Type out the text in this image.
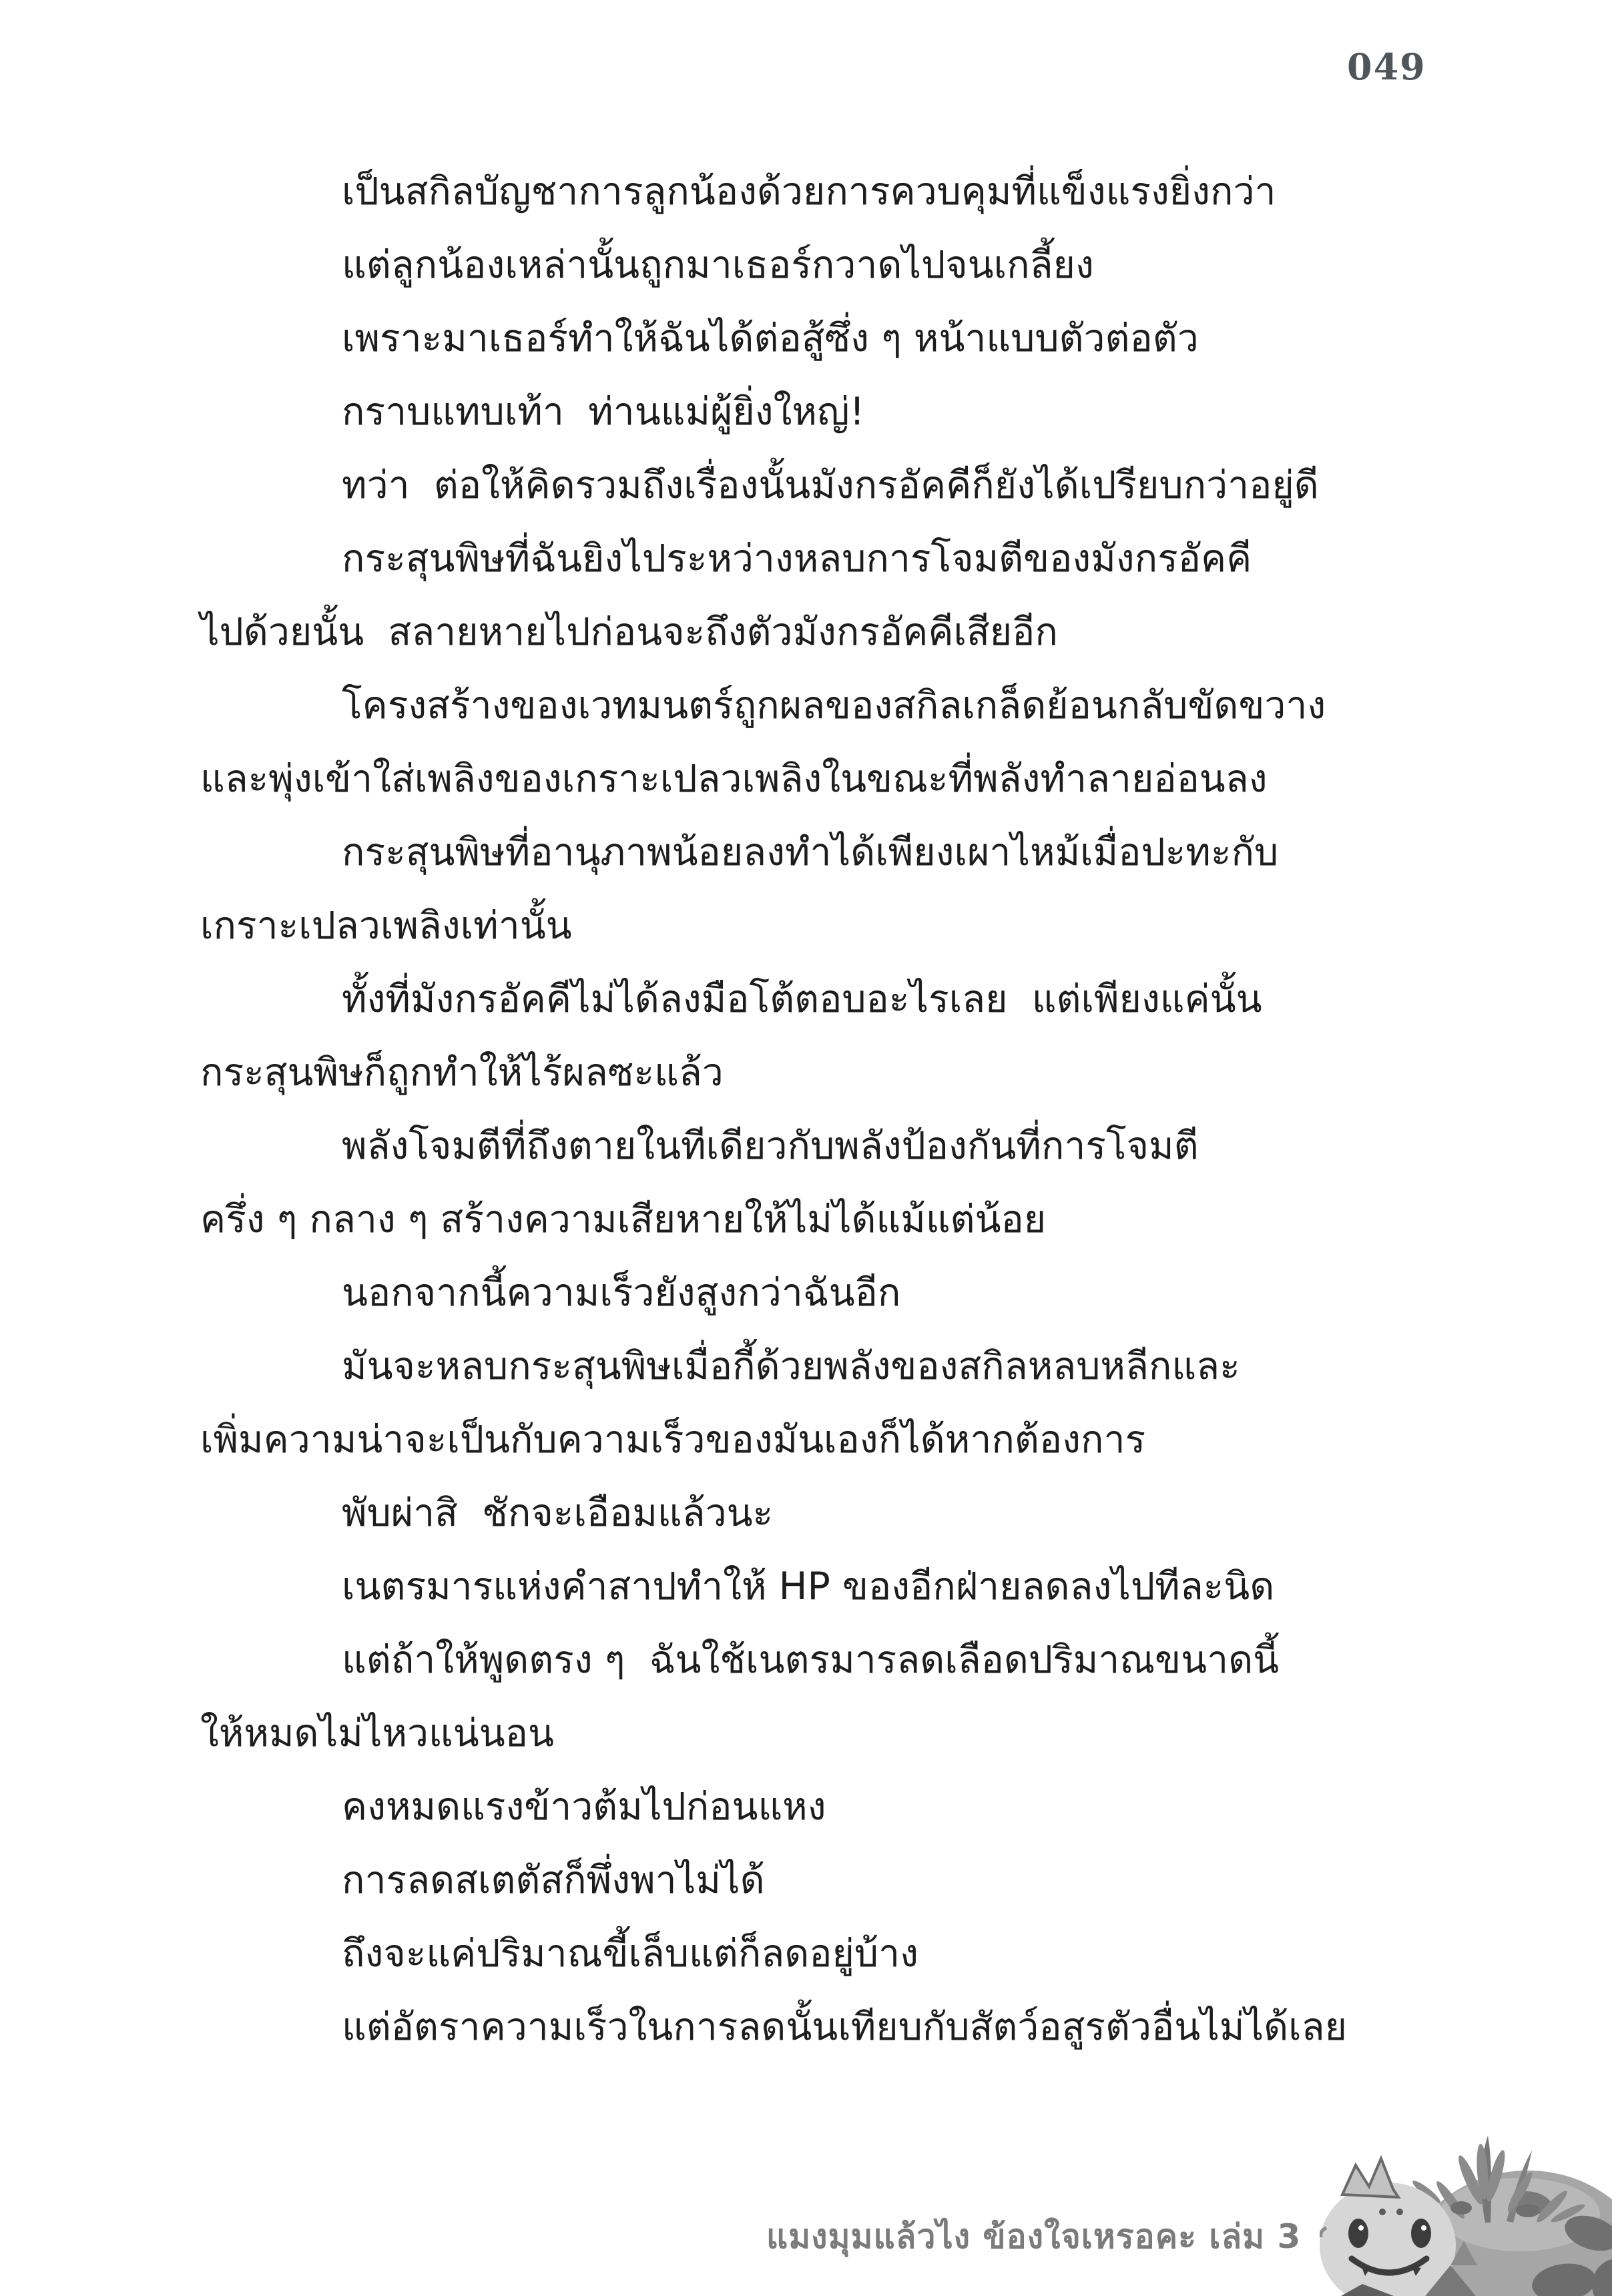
049
เป็นสกิลบัญชาการลูกน้องด้วยการควบคุมที่แข็งแรงยิ่งกว่า
แต่ลูกน้องเหล่านั้นถูกมาเธอร์กวาดไปจนเกลี้ยง
เพราะมาเธอร์ทำให้ฉันได้ต่อสู้ซึ่ง ๆ หน้าแบบตัวต่อตัว
กราบแทบเท้า  ท่านแม่ผู้ยิ่งใหญ่!
ทว่า  ต่อให้คิดรวมถึงเรื่องนั้นมังกรอัคคีก็ยังได้เปรียบกว่าอยู่ดี
กระสุนพิษที่ฉันยิงไประหว่างหลบการโจมตีของมังกรอัคคี
ไปด้วยนั้น  สลายหายไปก่อนจะถึงตัวมังกรอัคคีเสียอีก
โครงสร้างของเวทมนตร์ถูกผลของสกิลเกล็ดย้อนกลับขัดขวาง
และพุ่งเข้าใส่เพลิงของเกราะเปลวเพลิงในขณะที่พลังทำลายอ่อนลง
กระสุนพิษที่อานุภาพน้อยลงทำได้เพียงเผาไหม้เมื่อปะทะกับ
เกราะเปลวเพลิงเท่านั้น
ทั้งที่มังกรอัคคีไม่ได้ลงมือโต้ตอบอะไรเลย  แต่เพียงแค่นั้น
กระสุนพิษก็ถูกทำให้ไร้ผลซะแล้ว
พลังโจมตีที่ถึงตายในทีเดียวกับพลังป้องกันที่การโจมตี
ครึ่ง ๆ กลาง ๆ สร้างความเสียหายให้ไม่ได้แม้แต่น้อย
นอกจากนี้ความเร็วยังสูงกว่าฉันอีก
มันจะหลบกระสุนพิษเมื่อกี้ด้วยพลังของสกิลหลบหลีกและ
เพิ่มความน่าจะเป็นกับความเร็วของมันเองก็ได้หากต้องการ
พับผ่าสิ  ชักจะเอือมแล้วนะ
เนตรมารแห่งคำสาปทำให้ HP ของอีกฝ่ายลดลงไปทีละนิด
แต่ถ้าให้พูดตรง ๆ  ฉันใช้เนตรมารลดเลือดปริมาณขนาดนี้
ให้หมดไม่ไหวแน่นอน
คงหมดแรงข้าวต้มไปก่อนแหง
การลดสเตตัสก็พึ่งพาไม่ได้
ถึงจะแค่ปริมาณขี้เล็บแต่ก็ลดอยู่บ้าง
แต่อัตราความเร็วในการลดนั้นเทียบกับสัตว์อสูรตัวอื่นไม่ได้เลย
แมงมุมแล้วไง ข้องใจเหรอคะ เล่ม 3
